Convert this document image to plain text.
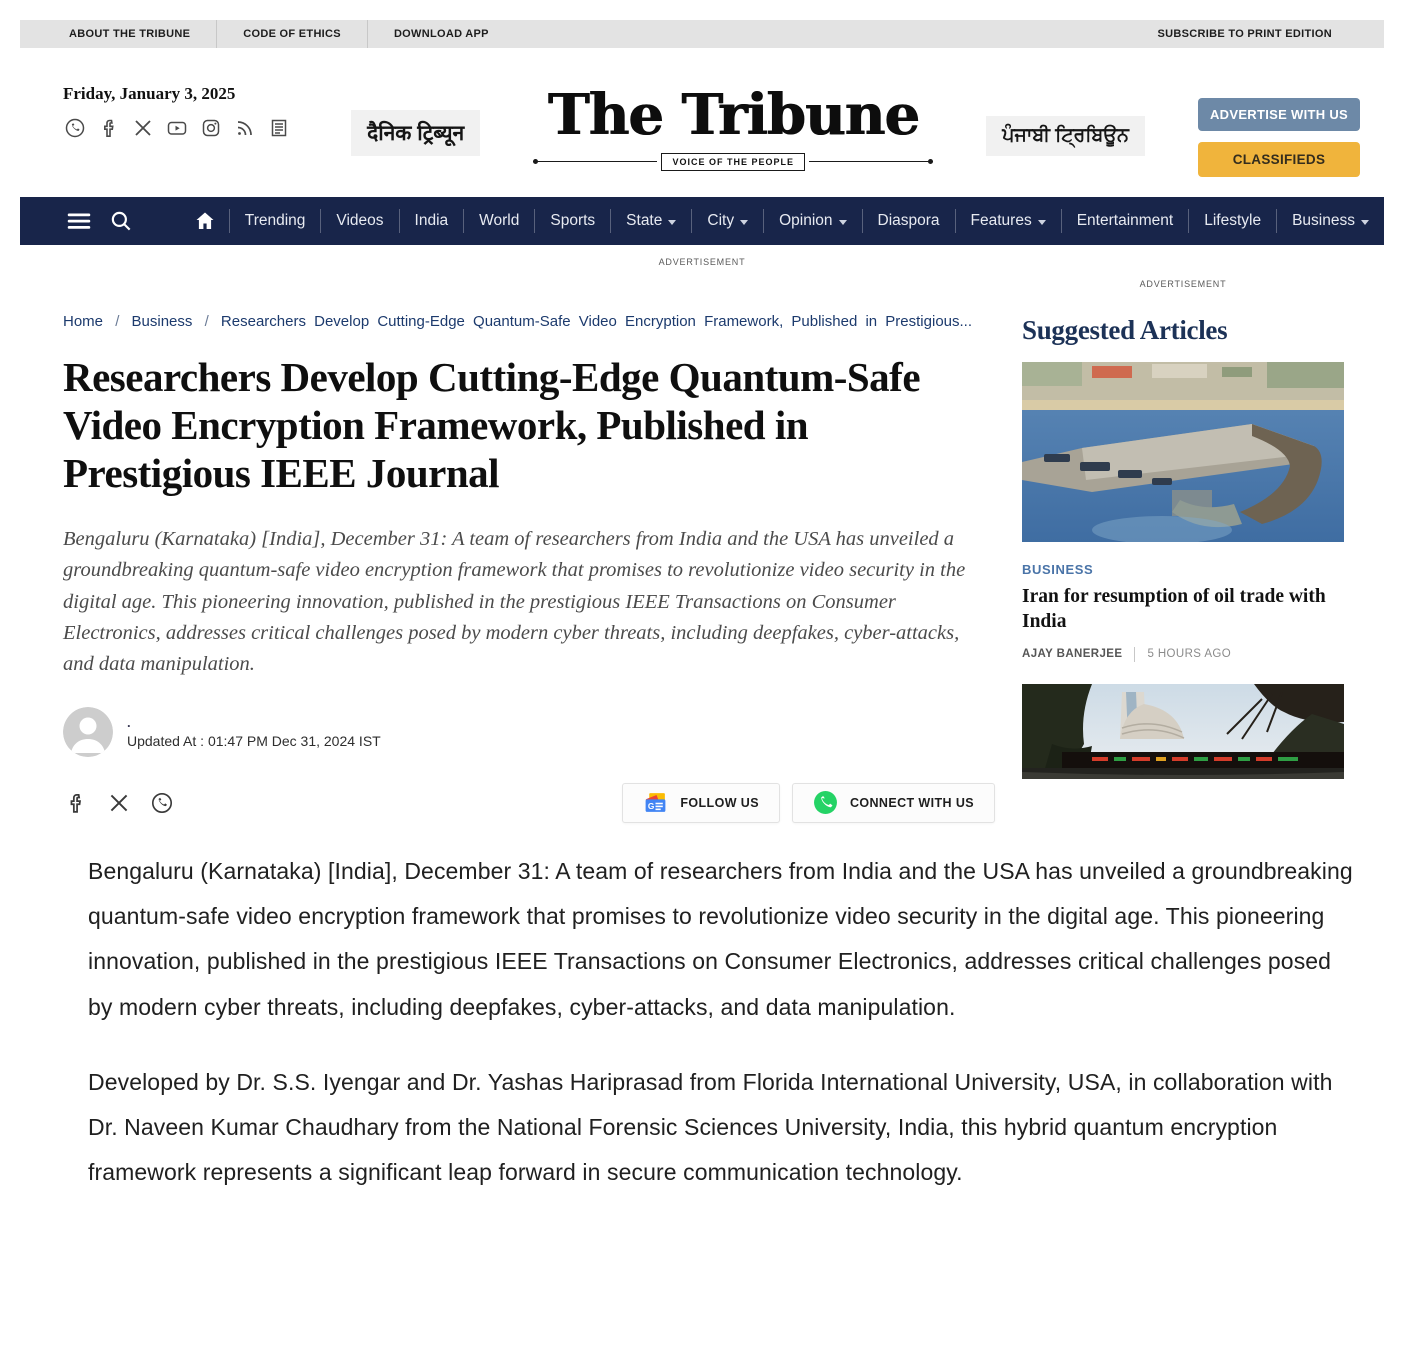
ABOUT THE TRIBUNE	CODE OF ETHICS	DOWNLOAD APP	SUBSCRIBE TO PRINT EDITION
Friday, January 3, 2025
दैनिक ट्रिब्यून The Tribune
VOICE OF THE PEOPLE
ਪੰਜਾਬੀ ਟ੍ਰਿਬਿਊਨ
ADVERTISE WITH US
CLASSIFIEDS
Trending Videos India World Sports State	City	Opinion	Diaspora Features	Entertainment Lifestyle Business
ADVERTISEMENT
Home / Business / Researchers Develop Cutting-Edge Quantum-Safe Video Encryption Framework, Published in Prestigious...
Researchers Develop Cutting-Edge Quantum-Safe Video Encryption Framework, Published in Prestigious IEEE Journal

Bengaluru (Karnataka) [India], December 31: A team of researchers from India and the USA has unveiled a groundbreaking quantum-safe video encryption framework that promises to revolutionize video security in the digital age. This pioneering innovation, published in the prestigious IEEE Transactions on Consumer Electronics, addresses critical challenges posed by modern cyber threats, including deepfakes, cyber-attacks, and data manipulation.

.
Updated At : 01:47 PM Dec 31, 2024 IST
G FOLLOW US	CONNECT WITH US
ADVERTISEMENT
Suggested Articles
BUSINESS
Iran for resumption of oil trade with India
AJAY BANERJEE 5 HOURS AGO

Bengaluru (Karnataka) [India], December 31: A team of researchers from India and the USA has unveiled a groundbreaking quantum-safe video encryption framework that promises to revolutionize video security in the digital age. This pioneering innovation, published in the prestigious IEEE Transactions on Consumer Electronics, addresses critical challenges posed by modern cyber threats, including deepfakes, cyber-attacks, and data manipulation.

Developed by Dr. S.S. Iyengar and Dr. Yashas Hariprasad from Florida International University, USA, in collaboration with Dr. Naveen Kumar Chaudhary from the National Forensic Sciences University, India, this hybrid quantum encryption framework represents a significant leap forward in secure communication technology.
